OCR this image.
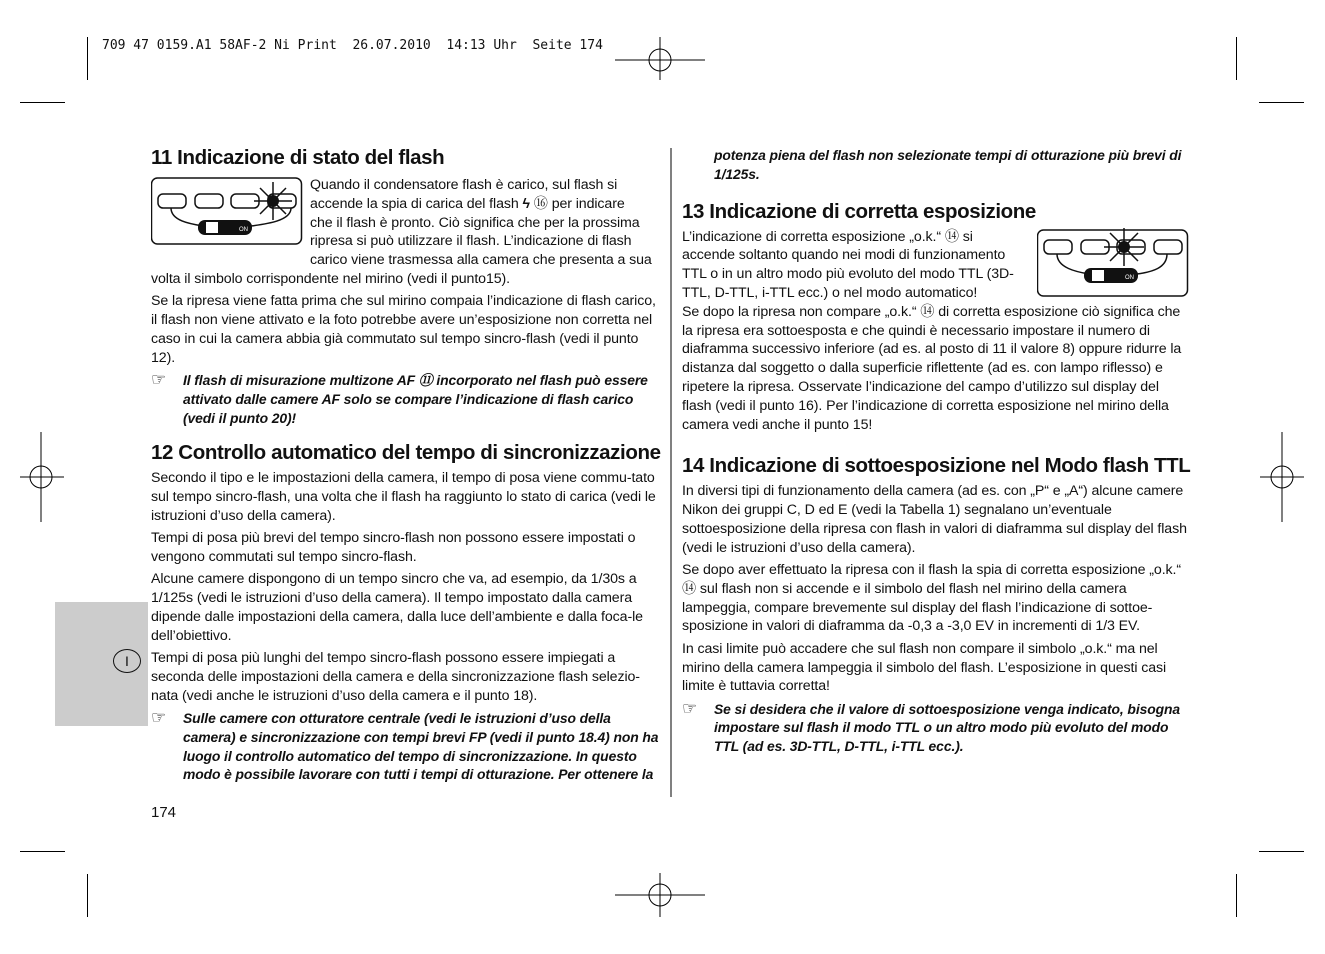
709 47 0159.A1 58AF-2 Ni Print  26.07.2010  14:13 Uhr  Seite 174
I
11 Indicazione di stato del flash
ON
Quando il condensatore flash è carico, sul flash si
accende la spia di carica del flash ϟ ⑯ per indicare
che il flash è pronto. Ciò significa che per la prossima
ripresa si può utilizzare il flash. L’indicazione di flash
carico viene trasmessa alla camera che presenta a sua

volta il simbolo corrispondente nel mirino (vedi il punto15).

Se la ripresa viene fatta prima che sul mirino compaia l’indicazione di flash carico, il flash non viene attivato e la foto potrebbe avere un’esposizione non corretta nel caso in cui la camera abbia già commutato sul tempo sincro-flash (vedi il punto 12).

☞	Il flash di misurazione multizone AF ⑪ incorporato nel flash può essere attivato dalle camere AF solo se compare l’indicazione di flash carico (vedi il punto 20)!
12 Controllo automatico del tempo di sincronizzazione

Secondo il tipo e le impostazioni della camera, il tempo di posa viene commu-tato sul tempo sincro-flash, una volta che il flash ha raggiunto lo stato di carica (vedi le istruzioni d’uso della camera).

Tempi di posa più brevi del tempo sincro-flash non possono essere impostati o vengono commutati sul tempo sincro-flash.

Alcune camere dispongono di un tempo sincro che va, ad esempio, da 1/30s a 1/125s (vedi le istruzioni d’uso della camera). Il tempo impostato dalla camera dipende dalle impostazioni della camera, dalla luce dell’ambiente e dalla foca-le dell’obiettivo.

Tempi di posa più lunghi del tempo sincro-flash possono essere impiegati a seconda delle impostazioni della camera e della sincronizzazione flash selezio-nata (vedi anche le istruzioni d’uso della camera e il punto 18).

☞	Sulle camere con otturatore centrale (vedi le istruzioni d’uso della camera) e sincronizzazione con tempi brevi FP (vedi il punto 18.4) non ha luogo il controllo automatico del tempo di sincronizzazione. In questo modo è possibile lavorare con tutti i tempi di otturazione. Per ottenere la
174
potenza piena del flash non selezionate tempi di otturazione più brevi di 1/125s.
13 Indicazione di corretta esposizione
L’indicazione di corretta esposizione „o.k.“ ⑭ si
accende soltanto quando nei modi di funzionamento
TTL o in un altro modo più evoluto del modo TTL (3D-
TTL, D-TTL, i-TTL ecc.) o nel modo automatico!
ON

Se dopo la ripresa non compare „o.k.“ ⑭ di corretta esposizione ciò significa che la ripresa era sottoesposta e che quindi è necessario impostare il numero di diaframma successivo inferiore (ad es. al posto di 11 il valore 8) oppure ridurre la distanza dal soggetto o dalla superficie riflettente (ad es. con lampo riflesso) e ripetere la ripresa. Osservate l’indicazione del campo d’utilizzo sul display del flash (vedi il punto 16). Per l’indicazione di corretta esposizione nel mirino della camera vedi anche il punto 15!

14 Indicazione di sottoesposizione nel Modo flash TTL

In diversi tipi di funzionamento della camera (ad es. con „P“ e „A“) alcune camere Nikon dei gruppi C, D ed E (vedi la Tabella 1) segnalano un’eventuale sottoesposizione della ripresa con flash in valori di diaframma sul display del flash (vedi le istruzioni d’uso della camera).

Se dopo aver effettuato la ripresa con il flash la spia di corretta esposizione „o.k.“ ⑭ sul flash non si accende e il simbolo del flash nel mirino della camera lampeggia, compare brevemente sul display del flash l’indicazione di sottoe-sposizione in valori di diaframma da -0,3 a -3,0 EV in incrementi di 1/3 EV.

In casi limite può accadere che sul flash non compare il simbolo „o.k.“ ma nel mirino della camera lampeggia il simbolo del flash. L’esposizione in questi casi limite è tuttavia corretta!

☞	Se si desidera che il valore di sottoesposizione venga indicato, bisogna impostare sul flash il modo TTL o un altro modo più evoluto del modo TTL (ad es. 3D-TTL, D-TTL, i-TTL ecc.).
